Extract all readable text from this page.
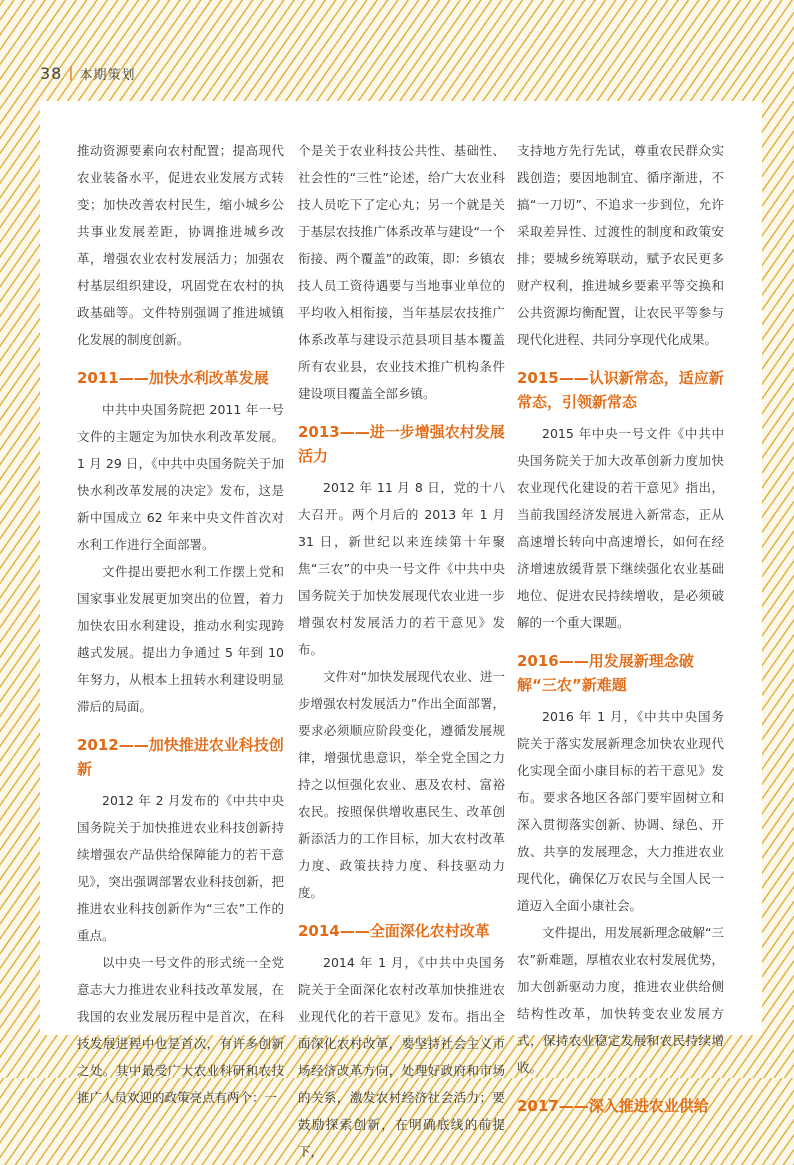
38 | 本期策划

推动资源要素向农村配置；提高现代农业装备水平，促进农业发展方式转变；加快改善农村民生，缩小城乡公共事业发展差距，协调推进城乡改革，增强农业农村发展活力；加强农村基层组织建设，巩固党在农村的执政基础等。文件特别强调了推进城镇化发展的制度创新。

2011——加快水利改革发展

中共中央国务院把 2011 年一号文件的主题定为加快水利改革发展。1 月 29 日，《中共中央国务院关于加快水利改革发展的决定》发布，这是新中国成立 62 年来中央文件首次对水利工作进行全面部署。

文件提出要把水利工作摆上党和国家事业发展更加突出的位置，着力加快农田水利建设，推动水利实现跨越式发展。提出力争通过 5 年到 10 年努力，从根本上扭转水利建设明显滞后的局面。

2012——加快推进农业科技创新

2012 年 2 月发布的《中共中央国务院关于加快推进农业科技创新持续增强农产品供给保障能力的若干意见》，突出强调部署农业科技创新，把推进农业科技创新作为“三农”工作的重点。

以中央一号文件的形式统一全党意志大力推进农业科技改革发展，在我国的农业发展历程中是首次，在科技发展进程中也是首次，有许多创新之处。其中最受广大农业科研和农技推广人员欢迎的政策亮点有两个：一

个是关于农业科技公共性、基础性、社会性的“三性”论述，给广大农业科技人员吃下了定心丸；另一个就是关于基层农技推广体系改革与建设“一个衔接、两个覆盖”的政策，即：乡镇农技人员工资待遇要与当地事业单位的平均收入相衔接，当年基层农技推广体系改革与建设示范县项目基本覆盖所有农业县，农业技术推广机构条件建设项目覆盖全部乡镇。

2013——进一步增强农村发展活力

2012 年 11 月 8 日，党的十八大召开。两个月后的 2013 年 1 月 31 日，新世纪以来连续第十年聚焦“三农”的中央一号文件《中共中央国务院关于加快发展现代农业进一步增强农村发展活力的若干意见》发布。

文件对“加快发展现代农业、进一步增强农村发展活力”作出全面部署，要求必须顺应阶段变化，遵循发展规律，增强忧患意识，举全党全国之力持之以恒强化农业、惠及农村、富裕农民。按照保供增收惠民生、改革创新添活力的工作目标，加大农村改革力度、政策扶持力度、科技驱动力度。

2014——全面深化农村改革

2014 年 1 月，《中共中央国务院关于全面深化农村改革加快推进农业现代化的若干意见》发布。指出全面深化农村改革，要坚持社会主义市场经济改革方向，处理好政府和市场的关系，激发农村经济社会活力；要鼓励探索创新，在明确底线的前提下，

支持地方先行先试，尊重农民群众实践创造；要因地制宜、循序渐进，不搞“一刀切”、不追求一步到位，允许采取差异性、过渡性的制度和政策安排；要城乡统筹联动，赋予农民更多财产权利，推进城乡要素平等交换和公共资源均衡配置，让农民平等参与现代化进程、共同分享现代化成果。

2015——认识新常态，适应新常态，引领新常态

2015 年中央一号文件《中共中央国务院关于加大改革创新力度加快农业现代化建设的若干意见》指出，当前我国经济发展进入新常态，正从高速增长转向中高速增长，如何在经济增速放缓背景下继续强化农业基础地位、促进农民持续增收，是必须破解的一个重大课题。

2016——用发展新理念破解“三农”新难题

2016 年 1 月，《中共中央国务院关于落实发展新理念加快农业现代化实现全面小康目标的若干意见》发布。要求各地区各部门要牢固树立和深入贯彻落实创新、协调、绿色、开放、共享的发展理念，大力推进农业现代化，确保亿万农民与全国人民一道迈入全面小康社会。

文件提出，用发展新理念破解“三农”新难题，厚植农业农村发展优势，加大创新驱动力度，推进农业供给侧结构性改革，加快转变农业发展方式，保持农业稳定发展和农民持续增收。

2017——深入推进农业供给
